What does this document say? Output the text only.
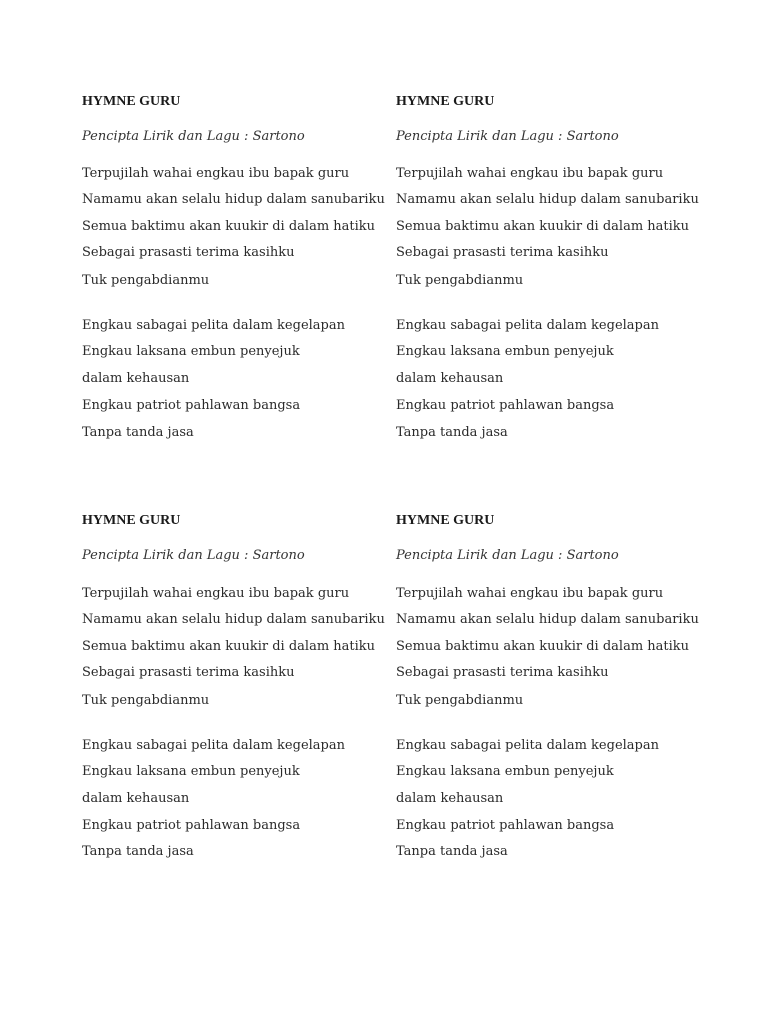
HYMNE GURU
Pencipta Lirik dan Lagu : Sartono
Terpujilah wahai engkau ibu bapak guru
Namamu akan selalu hidup dalam sanubariku
Semua baktimu akan kuukir di dalam hatiku
Sebagai prasasti terima kasihku
Tuk pengabdianmu
Engkau sabagai pelita dalam kegelapan
Engkau laksana embun penyejuk
dalam kehausan
Engkau patriot pahlawan bangsa
Tanpa tanda jasa
HYMNE GURU
Pencipta Lirik dan Lagu : Sartono
Terpujilah wahai engkau ibu bapak guru
Namamu akan selalu hidup dalam sanubariku
Semua baktimu akan kuukir di dalam hatiku
Sebagai prasasti terima kasihku
Tuk pengabdianmu
Engkau sabagai pelita dalam kegelapan
Engkau laksana embun penyejuk
dalam kehausan
Engkau patriot pahlawan bangsa
Tanpa tanda jasa
HYMNE GURU
Pencipta Lirik dan Lagu : Sartono
Terpujilah wahai engkau ibu bapak guru
Namamu akan selalu hidup dalam sanubariku
Semua baktimu akan kuukir di dalam hatiku
Sebagai prasasti terima kasihku
Tuk pengabdianmu
Engkau sabagai pelita dalam kegelapan
Engkau laksana embun penyejuk
dalam kehausan
Engkau patriot pahlawan bangsa
Tanpa tanda jasa
HYMNE GURU
Pencipta Lirik dan Lagu : Sartono
Terpujilah wahai engkau ibu bapak guru
Namamu akan selalu hidup dalam sanubariku
Semua baktimu akan kuukir di dalam hatiku
Sebagai prasasti terima kasihku
Tuk pengabdianmu
Engkau sabagai pelita dalam kegelapan
Engkau laksana embun penyejuk
dalam kehausan
Engkau patriot pahlawan bangsa
Tanpa tanda jasa
